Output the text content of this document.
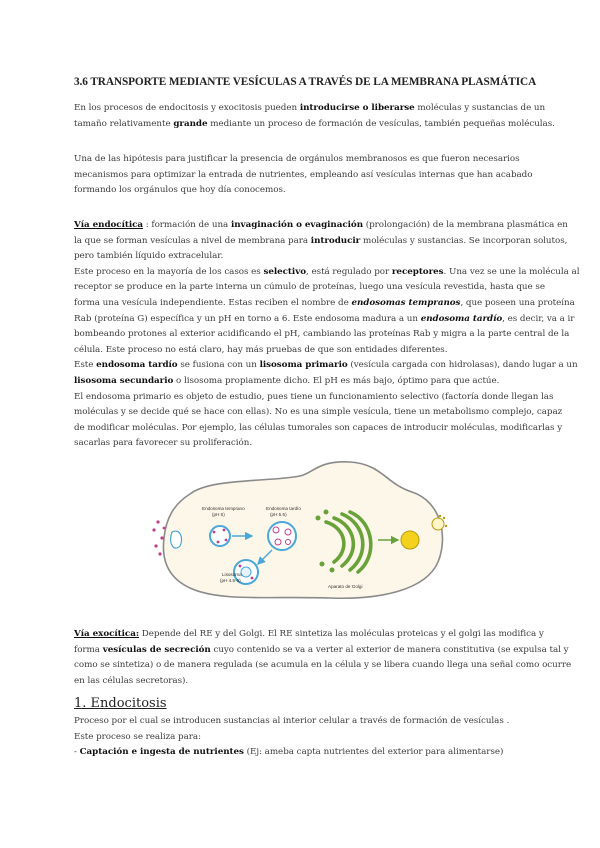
3.6 TRANSPORTE MEDIANTE VESÍCULAS A TRAVÉS DE LA MEMBRANA PLASMÁTICA
En los procesos de endocitosis y exocitosis pueden introducirse o liberarse moléculas y sustancias de un
tamaño relativamente grande mediante un proceso de formación de vesículas, también pequeñas moléculas.
Una de las hipótesis para justificar la presencia de orgánulos membranosos es que fueron necesarios
mecanismos para optimizar la entrada de nutrientes, empleando así vesículas internas que han acabado
formando los orgánulos que hoy día conocemos.
Vía endocítica : formación de una invaginación o evaginación (prolongación) de la membrana plasmática en
la que se forman vesículas a nivel de membrana para introducir moléculas y sustancias. Se incorporan solutos,
pero también líquido extracelular.
Este proceso en la mayoría de los casos es selectivo, está regulado por receptores. Una vez se une la molécula al
receptor se produce en la parte interna un cúmulo de proteínas, luego una vesícula revestida, hasta que se
forma una vesícula independiente. Estas reciben el nombre de endosomas tempranos, que poseen una proteína
Rab (proteína G) específica y un pH en torno a 6. Este endosoma madura a un endosoma tardío, es decir, va a ir
bombeando protones al exterior acidificando el pH, cambiando las proteínas Rab y migra a la parte central de la
célula. Este proceso no está claro, hay más pruebas de que son entidades diferentes.
Este endosoma tardío se fusiona con un lisosoma primario (vesícula cargada con hidrolasas), dando lugar a un
lisosoma secundario o lisosoma propiamente dicho. El pH es más bajo, óptimo para que actúe.
El endosoma primario es objeto de estudio, pues tiene un funcionamiento selectivo (factoría donde llegan las
moléculas y se decide qué se hace con ellas). No es una simple vesícula, tiene un metabolismo complejo, capaz
de modificar moléculas. Por ejemplo, las células tumorales son capaces de introducir moléculas, modificarlas y
sacarlas para favorecer su proliferación.
Endosoma temprano
(pH 6)
Endosoma tardío
(pH 5.5)
Lisosoma
(pH 4.5-5)
Aparato de Golgi
Vía exocítica: Depende del RE y del Golgi. El RE sintetiza las moléculas proteicas y el golgi las modifica y
forma vesículas de secreción cuyo contenido se va a verter al exterior de manera constitutiva (se expulsa tal y
como se sintetiza) o de manera regulada (se acumula en la célula y se libera cuando llega una señal como ocurre
en las células secretoras).
1. Endocitosis
Proceso por el cual se introducen sustancias al interior celular a través de formación de vesículas .
Este proceso se realiza para:
- Captación e ingesta de nutrientes (Ej: ameba capta nutrientes del exterior para alimentarse)
